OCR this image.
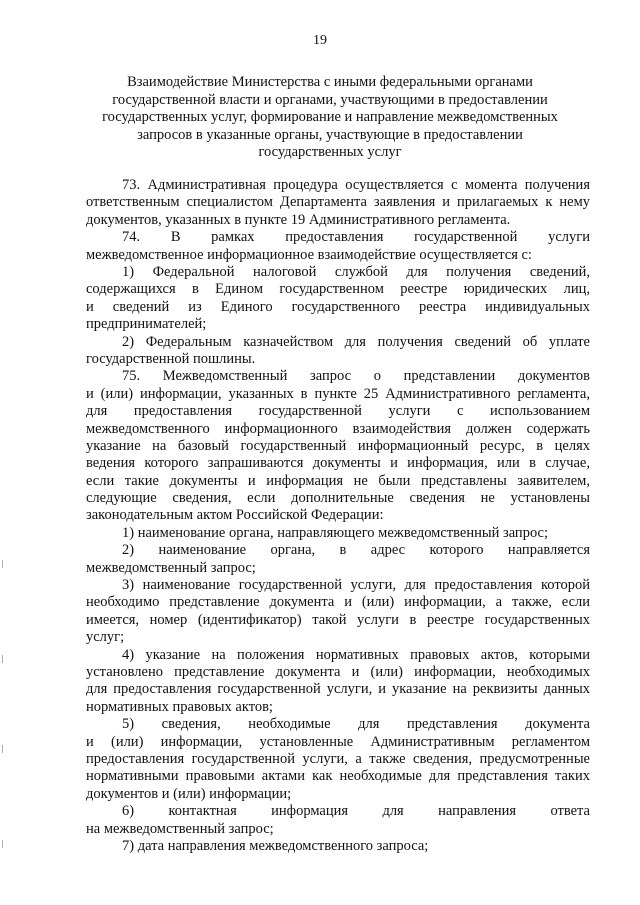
19
Взаимодействие Министерства с иными федеральными органами
государственной власти и органами, участвующими в предоставлении
государственных услуг, формирование и направление межведомственных
запросов в указанные органы, участвующие в предоставлении
государственных услуг
73. Административная процедура осуществляется с момента получения
ответственным специалистом Департамента заявления и прилагаемых к нему
документов, указанных в пункте 19 Административного регламента.
74. В рамках предоставления государственной услуги
межведомственное информационное взаимодействие осуществляется с:
1) Федеральной налоговой службой для получения сведений,
содержащихся в Едином государственном реестре юридических лиц,
и сведений из Единого государственного реестра индивидуальных
предпринимателей;
2) Федеральным казначейством для получения сведений об уплате
государственной пошлины.
75. Межведомственный запрос о представлении документов
и (или) информации, указанных в пункте 25 Административного регламента,
для предоставления государственной услуги с использованием
межведомственного информационного взаимодействия должен содержать
указание на базовый государственный информационный ресурс, в целях
ведения которого запрашиваются документы и информация, или в случае,
если такие документы и информация не были представлены заявителем,
следующие сведения, если дополнительные сведения не установлены
законодательным актом Российской Федерации:
1) наименование органа, направляющего межведомственный запрос;
2) наименование органа, в адрес которого направляется
межведомственный запрос;
3) наименование государственной услуги, для предоставления которой
необходимо представление документа и (или) информации, а также, если
имеется, номер (идентификатор) такой услуги в реестре государственных
услуг;
4) указание на положения нормативных правовых актов, которыми
установлено представление документа и (или) информации, необходимых
для предоставления государственной услуги, и указание на реквизиты данных
нормативных правовых актов;
5) сведения, необходимые для представления документа
и (или) информации, установленные Административным регламентом
предоставления государственной услуги, а также сведения, предусмотренные
нормативными правовыми актами как необходимые для представления таких
документов и (или) информации;
6) контактная информация для направления ответа
на межведомственный запрос;
7) дата направления межведомственного запроса;
